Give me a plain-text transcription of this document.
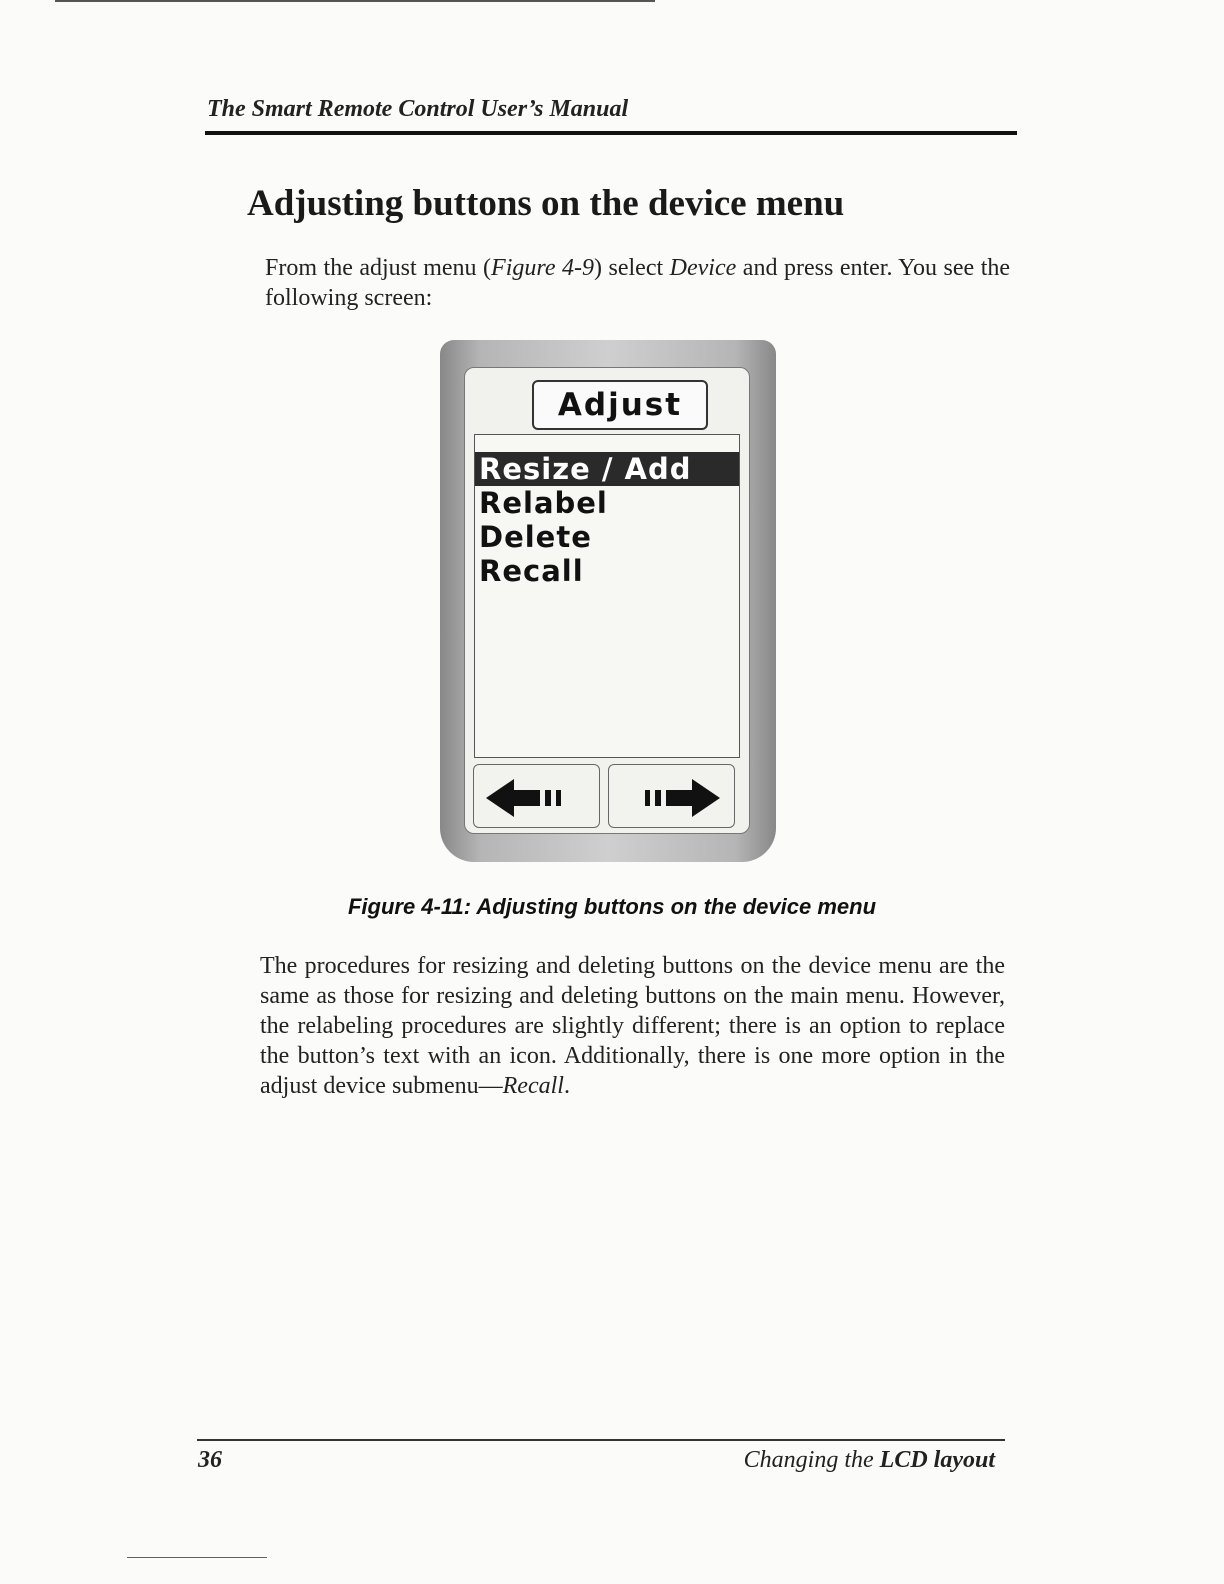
The Smart Remote Control User’s Manual
Adjusting buttons on the device menu

From the adjust menu (Figure 4-9) select Device and press enter. You see the following screen:

Adjust
Resize / Add
Relabel
Delete
Recall
Figure 4-11: Adjusting buttons on the device menu

The procedures for resizing and deleting buttons on the device menu are the same as those for resizing and deleting buttons on the main menu. However, the relabeling procedures are slightly different; there is an option to replace the button’s text with an icon. Additionally, there is one more option in the adjust device submenu—Recall.

36	Changing the LCD layout
